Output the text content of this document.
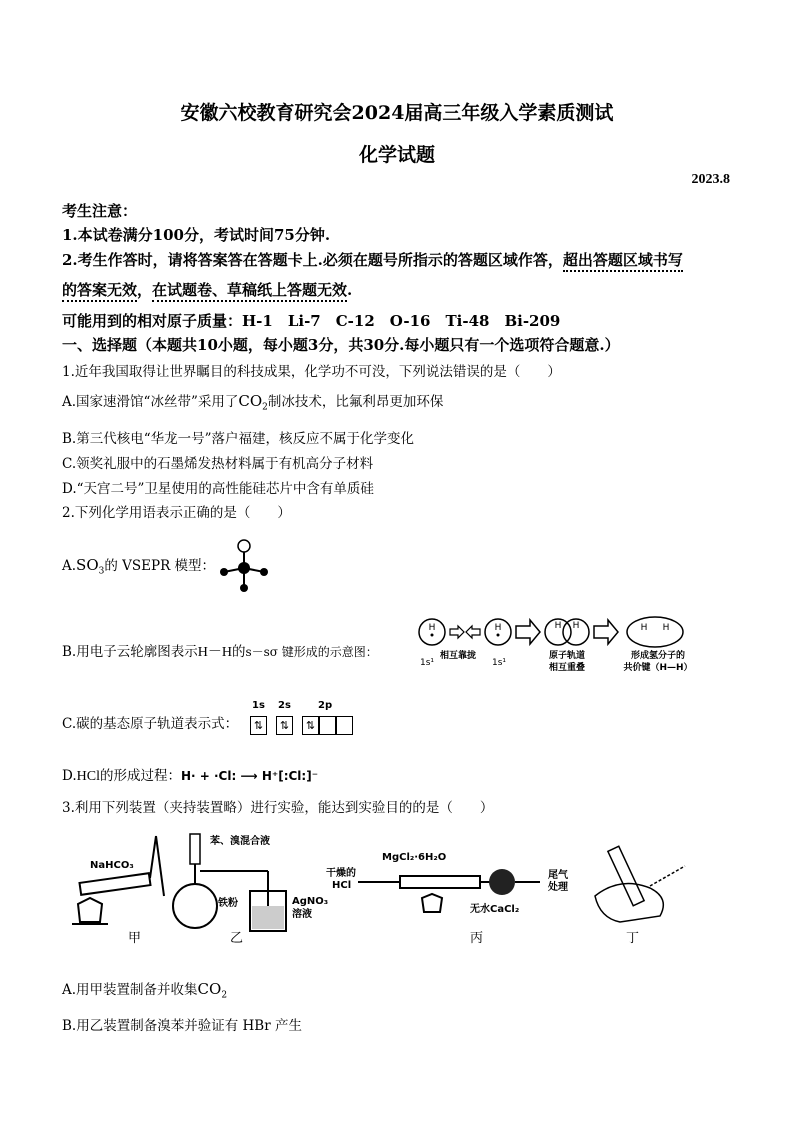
安徽六校教育研究会2024届高三年级入学素质测试
化学试题
2023.8
考生注意：
1.本试卷满分100分，考试时间75分钟.
2.考生作答时，请将答案答在答题卡上.必须在题号所指示的答题区域作答，超出答题区域书写
的答案无效，在试题卷、草稿纸上答题无效.
可能用到的相对原子质量：H-1　Li-7　C-12　O-16　Ti-48　Bi-209
一、选择题（本题共10小题，每小题3分，共30分.每小题只有一个选项符合题意.）
1.近年我国取得让世界瞩目的科技成果，化学功不可没，下列说法错误的是（　　）
A.国家速滑馆“冰丝带”采用了$CO_2$制冰技术，比氟利昂更加环保
B.第三代核电“华龙一号”落户福建，核反应不属于化学变化
C.领奖礼服中的石墨烯发热材料属于有机高分子材料
D.“天宫二号”卫星使用的高性能硅芯片中含有单质硅
2.下列化学用语表示正确的是（　　）
$A.SO_3$的 VSEPR 模型：
B.用电子云轮廓图表示H－H的s－sσ 键形成的示意图：
H	H
1s¹
相互靠拢
1s¹
H H
原子轨道
相互重叠
H H
形成氢分子的
共价键（H—H）
C.碳的基态原子轨道表示式：
1s 2s	2p
⇅	⇅	⇅
D.HCl的形成过程：H· + ·Cl: ⟶ H⁺[:Cl:]⁻
3.利用下列装置（夹持装置略）进行实验，能达到实验目的的是（　　）
NaHCO₃
苯、溴混合液
铁粉	AgNO₃
溶液
MgCl₂·6H₂O
干燥的
HCl
无水CaCl₂
尾气
处理
甲	乙	丙	丁
A.用甲装置制备并收集$CO_2$
B.用乙装置制备溴苯并验证有 HBr 产生
